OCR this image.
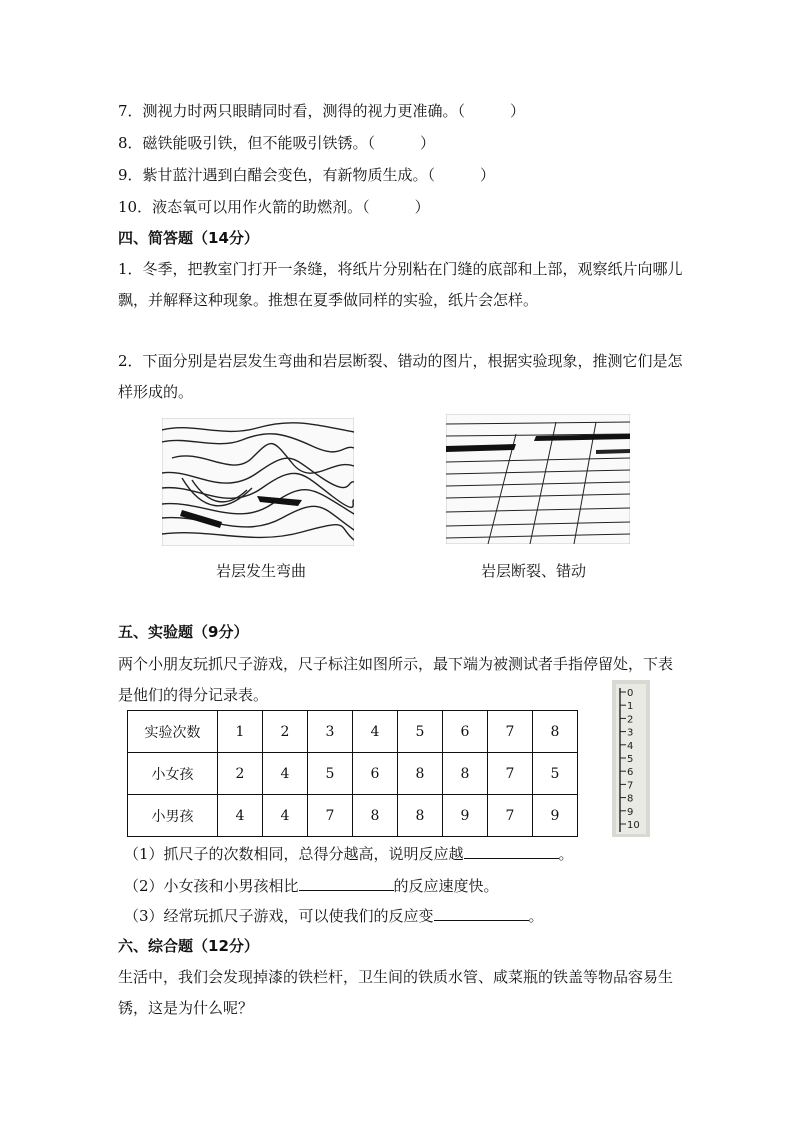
7．测视力时两只眼睛同时看，测得的视力更准确。（　　　）
8．磁铁能吸引铁，但不能吸引铁锈。（　　　）
9．紫甘蓝汁遇到白醋会变色，有新物质生成。（　　　）
10．液态氧可以用作火箭的助燃剂。（　　　）
四、简答题（14分）
1．冬季，把教室门打开一条缝，将纸片分别粘在门缝的底部和上部，观察纸片向哪儿飘，并解释这种现象。推想在夏季做同样的实验，纸片会怎样。
2．下面分别是岩层发生弯曲和岩层断裂、错动的图片，根据实验现象，推测它们是怎样形成的。
岩层发生弯曲	岩层断裂、错动
五、实验题（9分）
两个小朋友玩抓尺子游戏，尺子标注如图所示，最下端为被测试者手指停留处，下表是他们的得分记录表。
实验次数	1	2	3	4	5	6	7	8
小女孩	2	4	5	6	8	8	7	5
小男孩	4	4	7	8	8	9	7	9
0
1
2
3
4
5
6
7
8
9
10
（1）抓尺子的次数相同，总得分越高，说明反应越	。
（2）小女孩和小男孩相比	的反应速度快。
（3）经常玩抓尺子游戏，可以使我们的反应变	。
六、综合题（12分）
生活中，我们会发现掉漆的铁栏杆，卫生间的铁质水管、咸菜瓶的铁盖等物品容易生锈，这是为什么呢？
